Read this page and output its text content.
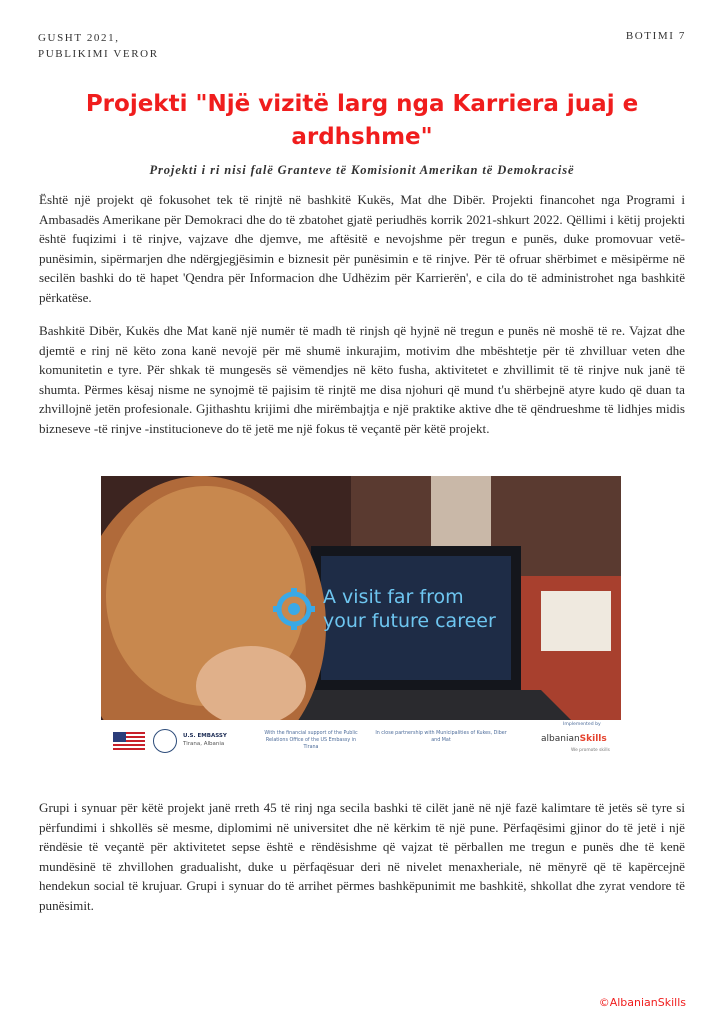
GUSHT 2021,
PUBLIKIMI VEROR
BOTIMI 7
Projekti "Një vizitë larg nga Karriera juaj e ardhshme"
Projekti i ri nisi falë Granteve të Komisionit Amerikan të Demokracisë

Është një projekt që fokusohet tek të rinjtë në bashkitë Kukës, Mat dhe Dibër. Projekti financohet nga Programi i Ambasadës Amerikane për Demokraci dhe do të zbatohet gjatë periudhës korrik 2021-shkurt 2022. Qëllimi i këtij projekti është fuqizimi i të rinjve, vajzave dhe djemve, me aftësitë e nevojshme për tregun e punës, duke promovuar vetë-punësimin, sipërmarjen dhe ndërgjegjësimin e biznesit për punësimin e të rinjve. Për të ofruar shërbimet e mësipërme në secilën bashki do të hapet 'Qendra për Informacion dhe Udhëzim për Karrierën', e cila do të administrohet nga bashkitë përkatëse.

Bashkitë Dibër, Kukës dhe Mat kanë një numër të madh të rinjsh që hyjnë në tregun e punës në moshë të re. Vajzat dhe djemtë e rinj në këto zona kanë nevojë për më shumë inkurajim, motivim dhe mbështetje për të zhvilluar veten dhe komunitetin e tyre. Për shkak të mungesës së vëmendjes në këto fusha, aktivitetet e zhvillimit të të rinjve nuk janë të shumta. Përmes kësaj nisme ne synojmë të pajisim të rinjtë me disa njohuri që mund t'u shërbejnë atyre kudo që duan ta zhvillojnë jetën profesionale. Gjithashtu krijimi dhe mirëmbajtja e një praktike aktive dhe të qëndrueshme të lidhjes midis bizneseve -të rinjve -institucioneve do të jetë me një fokus të veçantë për këtë projekt.

A visit far from
your future career
U.S. EMBASSY
Tirana, Albania
With the financial support of the Public Relations Office of the US Embassy in Tirana
In close partnership with Municipalities of Kukes, Diber and Mat
Implemented by
albanianSkills
We promote skills

Grupi i synuar për këtë projekt janë rreth 45 të rinj nga secila bashki të cilët janë në një fazë kalimtare të jetës së tyre si përfundimi i shkollës së mesme, diplomimi në universitet dhe në kërkim të një pune. Përfaqësimi gjinor do të jetë i një rëndësie të veçantë për aktivitetet sepse është e rëndësishme që vajzat të përballen me tregun e punës dhe të kenë mundësinë të zhvillohen gradualisht, duke u përfaqësuar deri në nivelet menaxheriale, në mënyrë që të kapërcejnë hendekun social të krujuar. Grupi i synuar do të arrihet përmes bashkëpunimit me bashkitë, shkollat dhe zyrat vendore të punësimit.

©AlbanianSkills
